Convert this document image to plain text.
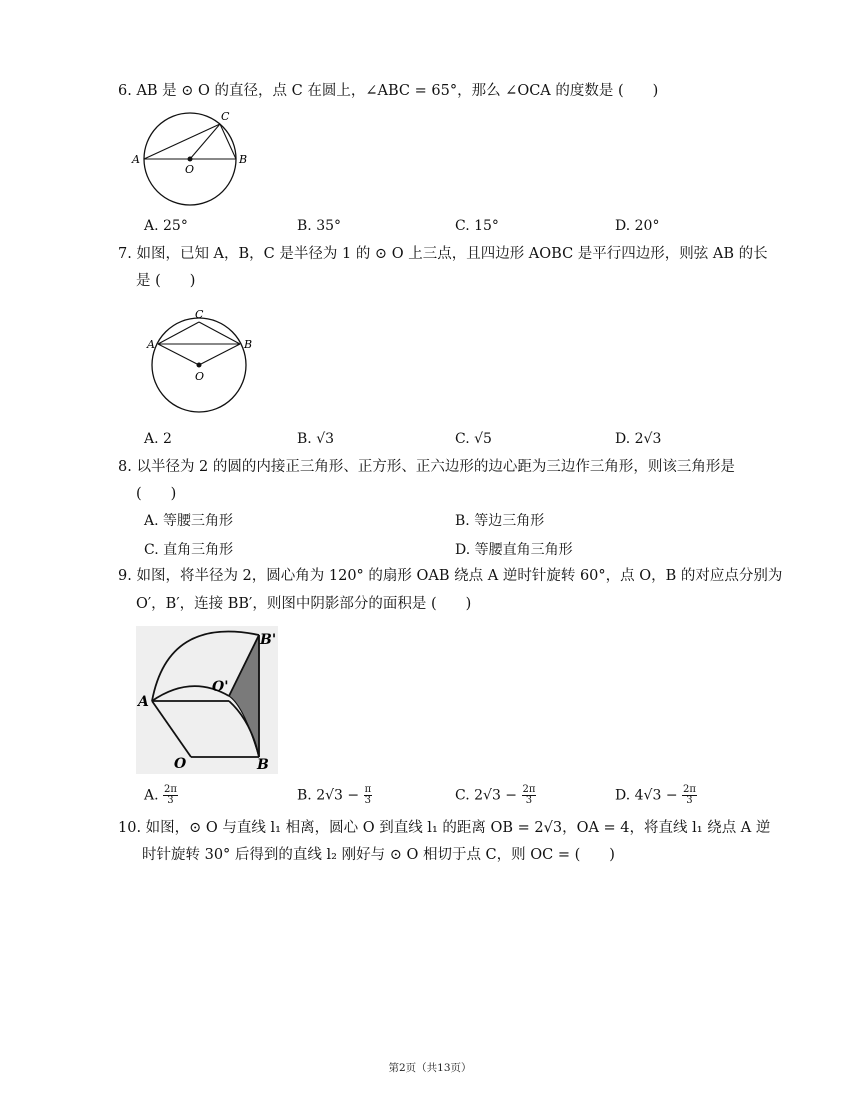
6. AB 是 ⊙ O 的直径，点 C 在圆上，∠ABC = 65°，那么 ∠OCA 的度数是 (　　)
A	B
C
O
A. 25°	B. 35°	C. 15°	D. 20°
7. 如图，已知 A，B，C 是半径为 1 的 ⊙ O 上三点，且四边形 AOBC 是平行四边形，则弦 AB 的长
是 (　　)
A	B
C
O
A. 2	B. √3	C. √5	D. 2√3
8. 以半径为 2 的圆的内接正三角形、正方形、正六边形的边心距为三边作三角形，则该三角形是
(　　)
A. 等腰三角形	B. 等边三角形
C. 直角三角形	D. 等腰直角三角形
9. 如图，将半径为 2，圆心角为 120° 的扇形 OAB 绕点 A 逆时针旋转 60°，点 O，B 的对应点分别为
O′，B′，连接 BB′，则图中阴影部分的面积是 (　　)
A
O	B
O'
B'
A. $\frac{2\pi}{3}$	B. $2√3 - \frac{\pi}{3}$	C. $2√3 - \frac{2\pi}{3}$	D. $4√3 - \frac{2\pi}{3}$
10. 如图，⊙ O 与直线 l₁ 相离，圆心 O 到直线 l₁ 的距离 OB = 2√3，OA = 4，将直线 l₁ 绕点 A 逆
时针旋转 30° 后得到的直线 l₂ 刚好与 ⊙ O 相切于点 C，则 OC = (　　)
第2页（共13页）
